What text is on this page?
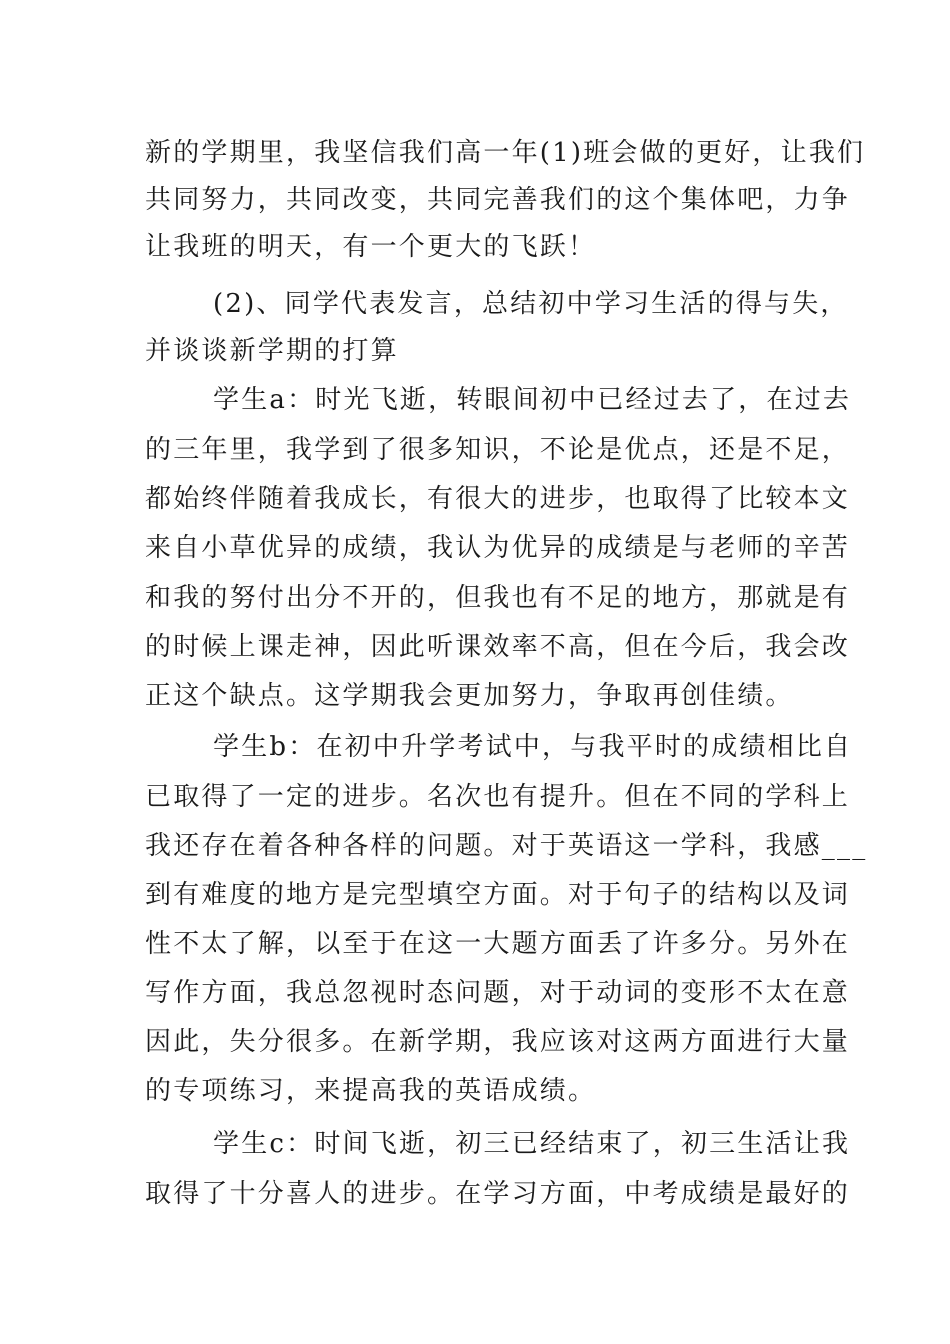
新的学期里，我坚信我们高一年(1)班会做的更好，让我们
共同努力，共同改变，共同完善我们的这个集体吧，力争
让我班的明天，有一个更大的飞跃！
(2)、同学代表发言，总结初中学习生活的得与失，
并谈谈新学期的打算
学生a：时光飞逝，转眼间初中已经过去了，在过去
的三年里，我学到了很多知识，不论是优点，还是不足，
都始终伴随着我成长，有很大的进步，也取得了比较本文
来自小草优异的成绩，我认为优异的成绩是与老师的辛苦
和我的努付出分不开的，但我也有不足的地方，那就是有
的时候上课走神，因此听课效率不高，但在今后，我会改
正这个缺点。这学期我会更加努力，争取再创佳绩。
学生b：在初中升学考试中，与我平时的成绩相比自
已取得了一定的进步。名次也有提升。但在不同的学科上
我还存在着各种各样的问题。对于英语这一学科，我感___
到有难度的地方是完型填空方面。对于句子的结构以及词
性不太了解，以至于在这一大题方面丢了许多分。另外在
写作方面，我总忽视时态问题，对于动词的变形不太在意
因此，失分很多。在新学期，我应该对这两方面进行大量
的专项练习，来提高我的英语成绩。
学生c：时间飞逝，初三已经结束了，初三生活让我
取得了十分喜人的进步。在学习方面，中考成绩是最好的
